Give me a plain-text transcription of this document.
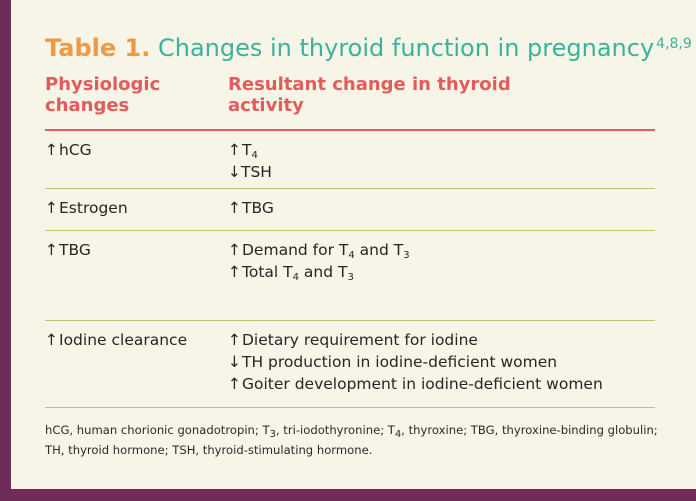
Table 1. Changes in thyroid function in pregnancy $^{4,8,9}$
Physiologic changes
Resultant change in thyroid activity
↑hCG	$↑T_4$
↓TSH
↑Estrogen	↑TBG
↑TBG	↑Demand for $T_4$ and $T_3$
↑Total $T_4$ and $T_3$
↑Iodine clearance	↑Dietary requirement for iodine
↓TH production in iodine-deficient women
↑Goiter development in iodine-deficient women
hCG, human chorionic gonadotropin; $T_3$, tri-iodothyronine; $T_4$, thyroxine; TBG, thyroxine-binding globulin; TH, thyroid hormone; TSH, thyroid-stimulating hormone.
